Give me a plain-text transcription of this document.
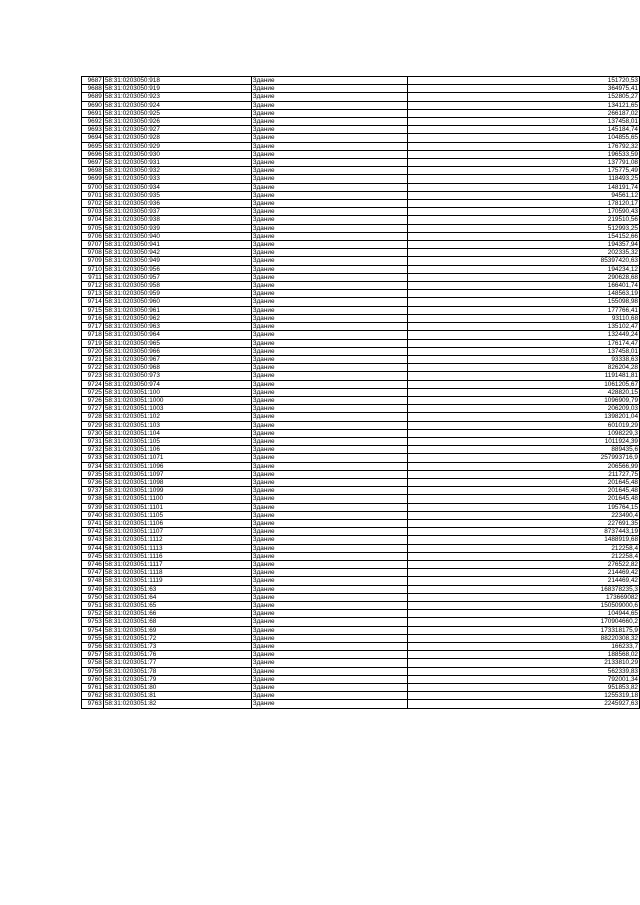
9687	58:31:0203050:918	Здание	151720,53
9688	58:31:0203050:919	Здание	364975,41
9689	58:31:0203050:923	Здание	152805,27
9690	58:31:0203050:924	Здание	134121,65
9691	58:31:0203050:925	Здание	266187,02
9692	58:31:0203050:926	Здание	137458,01
9693	58:31:0203050:927	Здание	145184,74
9694	58:31:0203050:928	Здание	104855,65
9695	58:31:0203050:929	Здание	176792,32
9696	58:31:0203050:930	Здание	196533,59
9697	58:31:0203050:931	Здание	137791,08
9698	58:31:0203050:932	Здание	175775,49
9699	58:31:0203050:933	Здание	118493,25
9700	58:31:0203050:934	Здание	148191,74
9701	58:31:0203050:935	Здание	94561,12
9702	58:31:0203050:936	Здание	178120,17
9703	58:31:0203050:937	Здание	170590,43
9704	58:31:0203050:938	Здание	219510,56
9705	58:31:0203050:939	Здание	512993,25
9706	58:31:0203050:940	Здание	154152,66
9707	58:31:0203050:941	Здание	194357,94
9708	58:31:0203050:942	Здание	202335,32
9709	58:31:0203050:949	Здание	85397420,63
9710	58:31:0203050:956	Здание	194234,12
9711	58:31:0203050:957	Здание	290628,68
9712	58:31:0203050:958	Здание	166401,74
9713	58:31:0203050:959	Здание	148563,19
9714	58:31:0203050:960	Здание	155098,98
9715	58:31:0203050:961	Здание	177766,41
9716	58:31:0203050:962	Здание	93110,68
9717	58:31:0203050:963	Здание	135102,47
9718	58:31:0203050:964	Здание	132449,24
9719	58:31:0203050:965	Здание	176174,47
9720	58:31:0203050:966	Здание	137458,01
9721	58:31:0203050:967	Здание	93338,63
9722	58:31:0203050:968	Здание	826204,28
9723	58:31:0203050:973	Здание	1191481,81
9724	58:31:0203050:974	Здание	1061205,67
9725	58:31:0203051:100	Здание	428820,15
9726	58:31:0203051:1000	Здание	1096909,79
9727	58:31:0203051:1003	Здание	206209,03
9728	58:31:0203051:102	Здание	1398201,04
9729	58:31:0203051:103	Здание	601019,29
9730	58:31:0203051:104	Здание	1098229,3
9731	58:31:0203051:105	Здание	1011924,39
9732	58:31:0203051:106	Здание	889435,6
9733	58:31:0203051:1071	Здание	257993716,9
9734	58:31:0203051:1096	Здание	206566,99
9735	58:31:0203051:1097	Здание	211727,75
9736	58:31:0203051:1098	Здание	201645,48
9737	58:31:0203051:1099	Здание	201645,48
9738	58:31:0203051:1100	Здание	201645,48
9739	58:31:0203051:1101	Здание	195764,15
9740	58:31:0203051:1105	Здание	223490,4
9741	58:31:0203051:1106	Здание	227691,35
9742	58:31:0203051:1107	Здание	8737443,19
9743	58:31:0203051:1112	Здание	1488919,68
9744	58:31:0203051:1113	Здание	212258,4
9745	58:31:0203051:1116	Здание	212258,4
9746	58:31:0203051:1117	Здание	276522,82
9747	58:31:0203051:1118	Здание	214469,42
9748	58:31:0203051:1119	Здание	214469,42
9749	58:31:0203051:63	Здание	168378235,3
9750	58:31:0203051:64	Здание	173669082
9751	58:31:0203051:65	Здание	150509000,6
9752	58:31:0203051:66	Здание	104944,65
9753	58:31:0203051:68	Здание	170904660,2
9754	58:31:0203051:69	Здание	173318175,9
9755	58:31:0203051:72	Здание	88220308,32
9756	58:31:0203051:73	Здание	166233,7
9757	58:31:0203051:76	Здание	188568,02
9758	58:31:0203051:77	Здание	2133810,29
9759	58:31:0203051:78	Здание	562339,83
9760	58:31:0203051:79	Здание	792001,34
9761	58:31:0203051:80	Здание	951853,82
9762	58:31:0203051:81	Здание	1255319,18
9763	58:31:0203051:82	Здание	2245927,63
